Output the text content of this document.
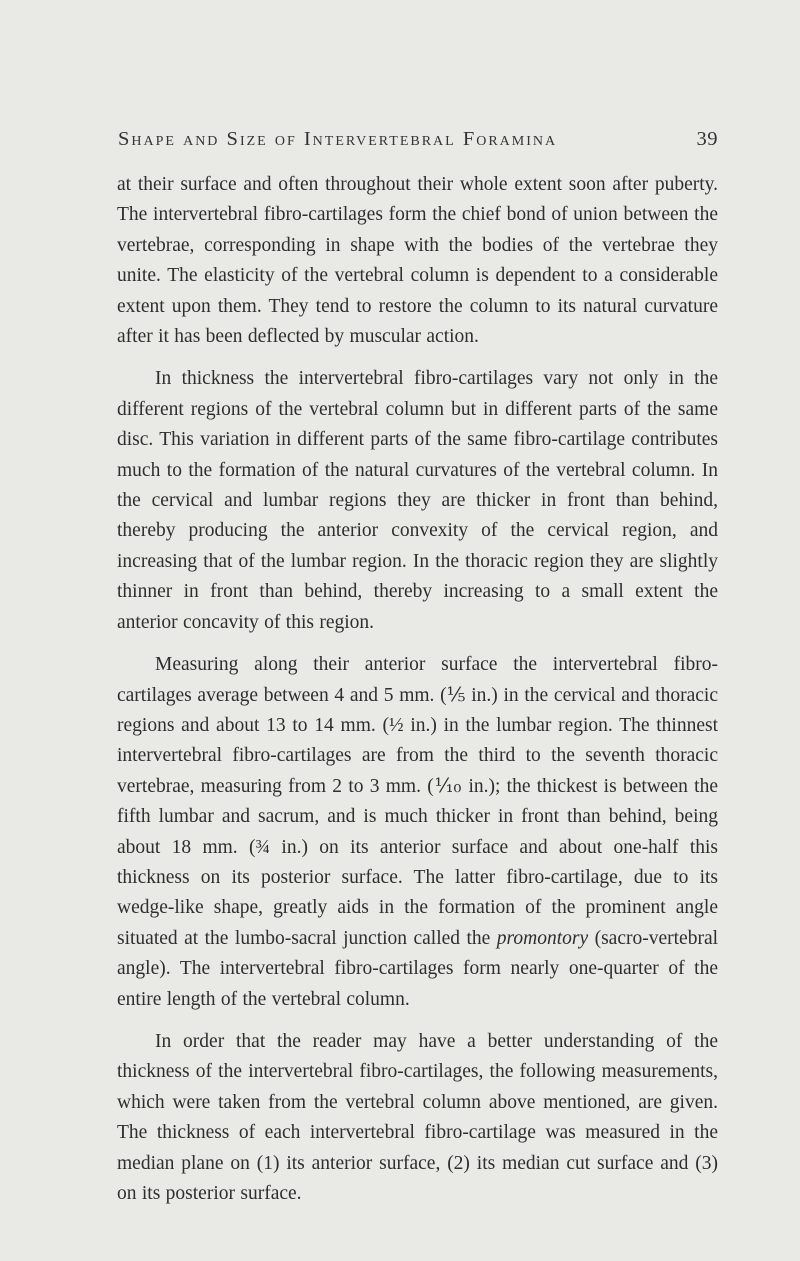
Shape and Size of Intervertebral Foramina	39

at their surface and often throughout their whole extent soon after puberty. The intervertebral fibro-cartilages form the chief bond of union between the vertebrae, corresponding in shape with the bodies of the vertebrae they unite. The elasticity of the vertebral column is dependent to a considerable extent upon them. They tend to restore the column to its natural curvature after it has been deflected by muscular action.

In thickness the intervertebral fibro-cartilages vary not only in the different regions of the vertebral column but in different parts of the same disc. This variation in different parts of the same fibro-cartilage contributes much to the formation of the natural curvatures of the vertebral column. In the cervical and lumbar regions they are thicker in front than behind, thereby producing the anterior convexity of the cervical region, and increasing that of the lumbar region. In the thoracic region they are slightly thinner in front than behind, thereby increasing to a small extent the anterior concavity of this region.

Measuring along their anterior surface the intervertebral fibro-cartilages average between 4 and 5 mm. (⅕ in.) in the cervical and thoracic regions and about 13 to 14 mm. (½ in.) in the lumbar region. The thinnest intervertebral fibro-cartilages are from the third to the seventh thoracic vertebrae, measuring from 2 to 3 mm. (⅒ in.); the thickest is between the fifth lumbar and sacrum, and is much thicker in front than behind, being about 18 mm. (¾ in.) on its anterior surface and about one-half this thickness on its posterior surface. The latter fibro-cartilage, due to its wedge-like shape, greatly aids in the formation of the prominent angle situated at the lumbo-sacral junction called the promontory (sacro-vertebral angle). The intervertebral fibro-cartilages form nearly one-quarter of the entire length of the vertebral column.

In order that the reader may have a better understanding of the thickness of the intervertebral fibro-cartilages, the following measurements, which were taken from the vertebral column above mentioned, are given. The thickness of each intervertebral fibro-cartilage was measured in the median plane on (1) its anterior surface, (2) its median cut surface and (3) on its posterior surface.
